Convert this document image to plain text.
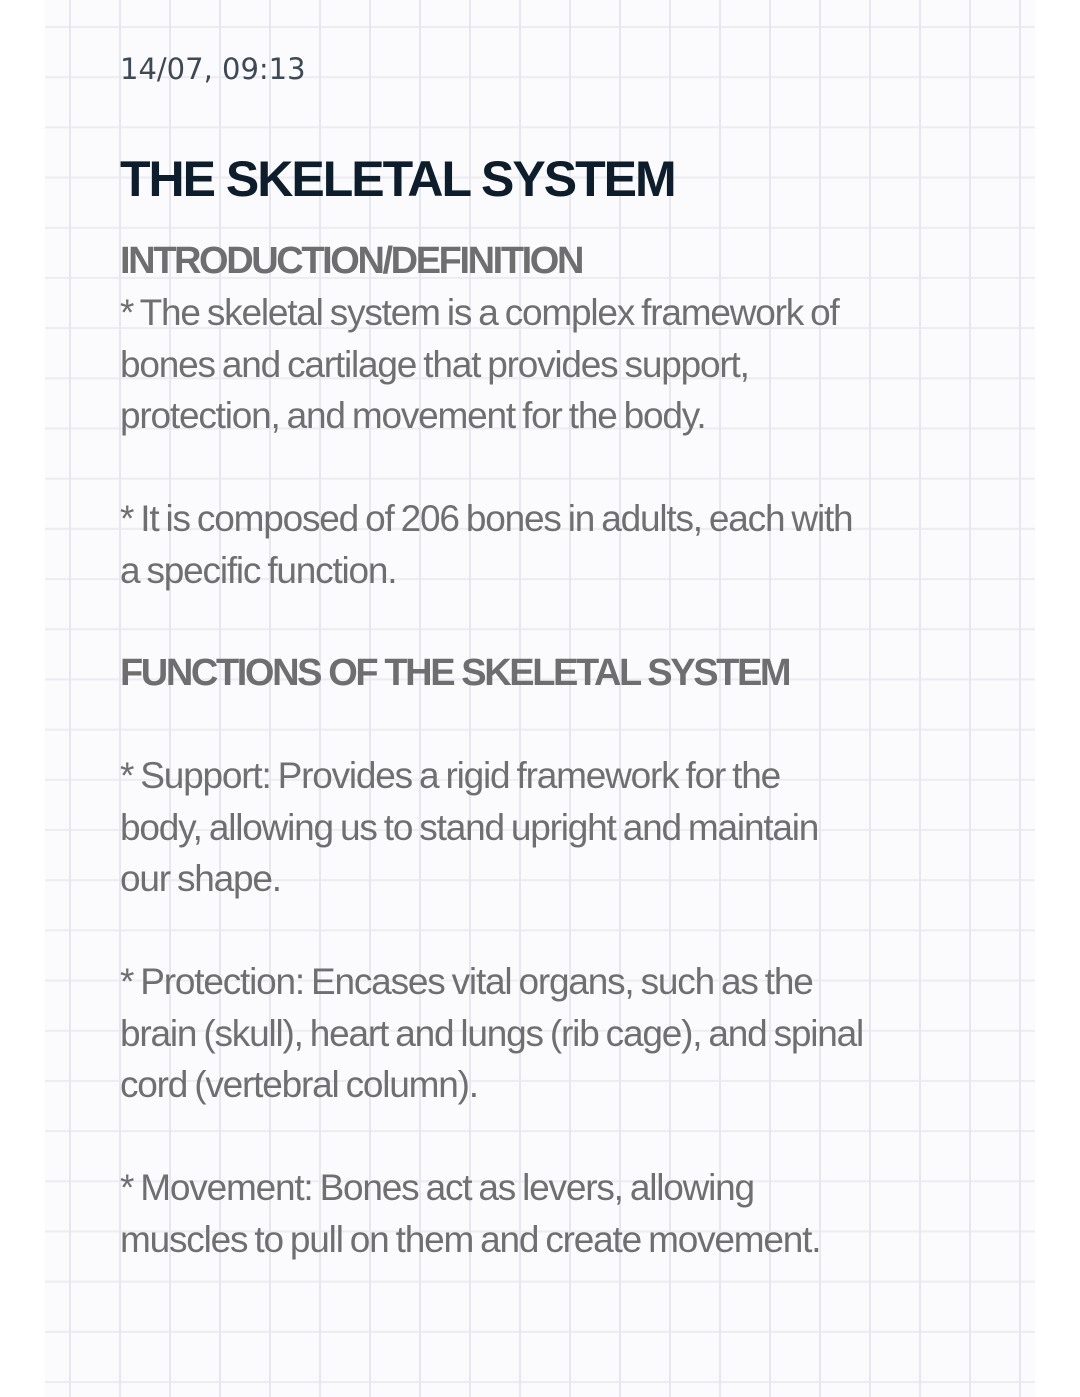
14/07, 09:13
THE SKELETAL SYSTEM
INTRODUCTION/DEFINITION

* The skeletal system is a complex framework of
bones and cartilage that provides support,
protection, and movement for the body.

* It is composed of 206 bones in adults, each with
a specific function.

FUNCTIONS OF THE SKELETAL SYSTEM

* Support: Provides a rigid framework for the
body, allowing us to stand upright and maintain
our shape.

* Protection: Encases vital organs, such as the
brain (skull), heart and lungs (rib cage), and spinal
cord (vertebral column).

* Movement: Bones act as levers, allowing
muscles to pull on them and create movement.
